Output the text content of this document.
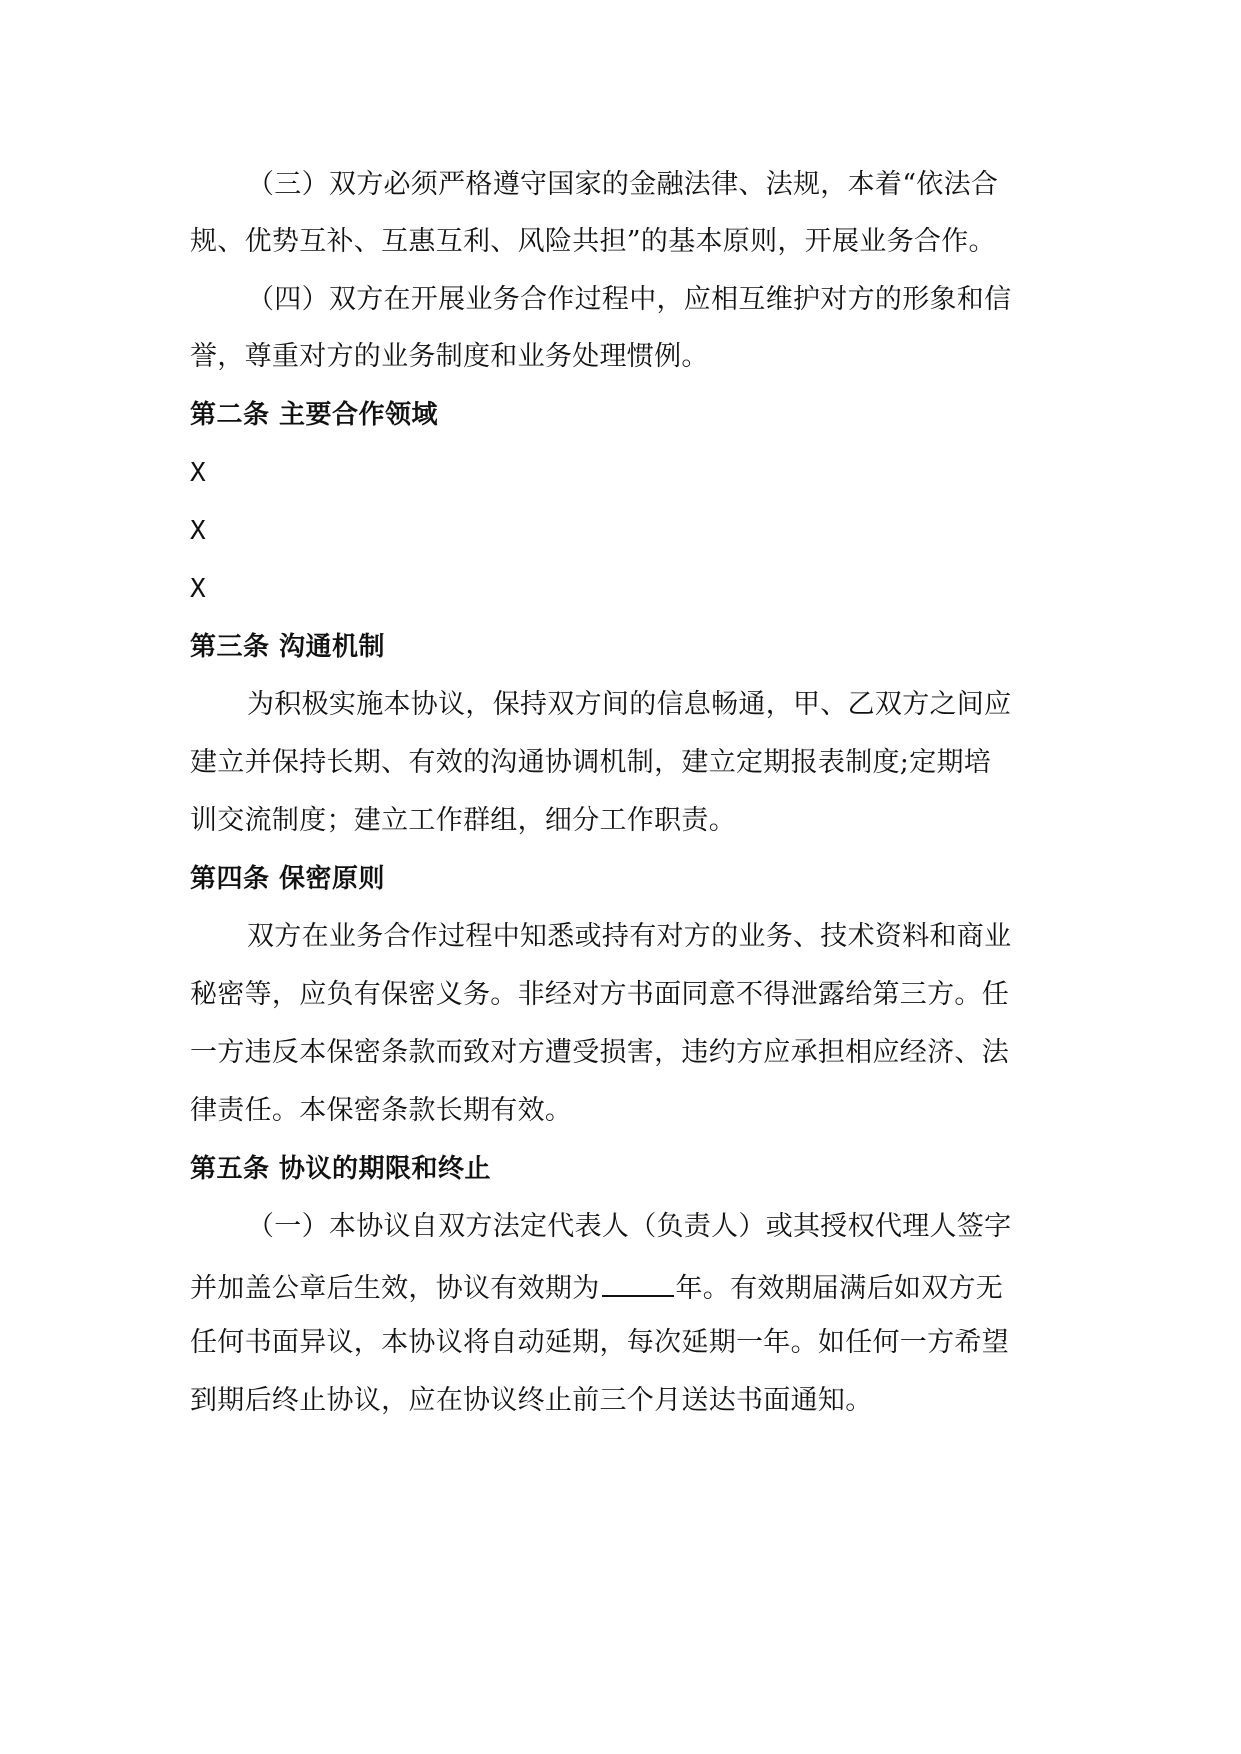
（三）双方必须严格遵守国家的金融法律、法规，本着“依法合
规、优势互补、互惠互利、风险共担”的基本原则，开展业务合作。
（四）双方在开展业务合作过程中，应相互维护对方的形象和信
誉，尊重对方的业务制度和业务处理惯例。
第二条 主要合作领域
X
X
X
第三条 沟通机制
为积极实施本协议，保持双方间的信息畅通，甲、乙双方之间应
建立并保持长期、有效的沟通协调机制，建立定期报表制度;定期培
训交流制度；建立工作群组，细分工作职责。
第四条 保密原则
双方在业务合作过程中知悉或持有对方的业务、技术资料和商业
秘密等，应负有保密义务。非经对方书面同意不得泄露给第三方。任
一方违反本保密条款而致对方遭受损害，违约方应承担相应经济、法
律责任。本保密条款长期有效。
第五条 协议的期限和终止
（一）本协议自双方法定代表人（负责人）或其授权代理人签字
并加盖公章后生效，协议有效期为	年。有效期届满后如双方无
任何书面异议，本协议将自动延期，每次延期一年。如任何一方希望
到期后终止协议，应在协议终止前三个月送达书面通知。
